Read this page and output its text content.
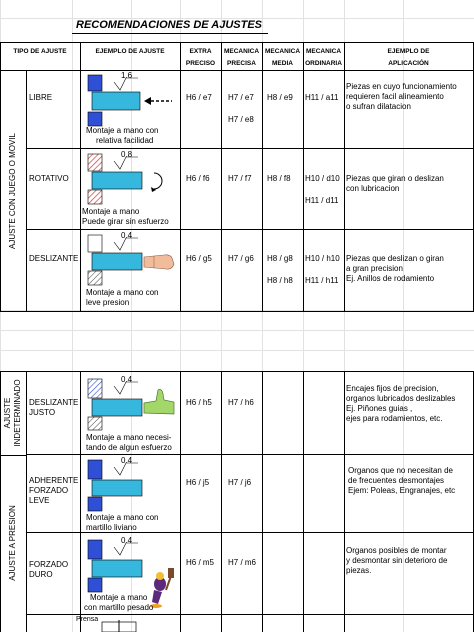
RECOMENDACIONES DE AJUSTES
TIPO DE AJUSTE	EJEMPLO DE AJUSTE	EXTRA
PRECISO
MECANICA
PRECISA
MECANICA
MEDIA
MECANICA
ORDINARIA
EJEMPLO DE
APLICACIÓN
AJUSTE CON JUEGO O MOVIL
LIBRE
1.6
Montaje a mano con
relativa facilidad
H6 / e7 H7 / e7
H7 / e8
H8 / e9 H11 / a11
Piezas en cuyo funcionamiento
requieren facil alineamiento
o sufran dilatacion
ROTATIVO
0.8
Montaje a mano
Puede girar sin esfuerzo
H6 / f6 H7 / f7 H8 / f8 H10 / d10
H11 / d11
Piezas que giran o deslizan
con lubricacion
DESLIZANTE
0.4
Montaje a mano con
leve presion
H6 / g5 H7 / g6 H8 / g8
H8 / h8
H10 / h10
H11 / h11
Piezas que deslizan o giran
a gran precision
Ej. Anillos de rodamiento
AJUSTE INDETERMINADO
AJUSTE A PRESION
DESLIZANTE
JUSTO
0.4
Montaje a mano necesi-
tando de algun esfuerzo
H6 / h5 H7 / h6
Encajes fijos de precision,
organos lubricados deslizables
Ej. Piñones guias ,
ejes para rodamientos, etc.
ADHERENTE
FORZADO
LEVE
0.4
Montaje a mano con
martillo liviano
H6 / j5 H7 / j6
Organos que no necesitan de
de frecuentes desmontajes
Ejem: Poleas, Engranajes, etc
FORZADO
DURO
0.4
Montaje a mano
con martillo pesado
H6 / m5 H7 / m6
Organos posibles de montar
y desmontar sin deterioro de
piezas.
Prensa
